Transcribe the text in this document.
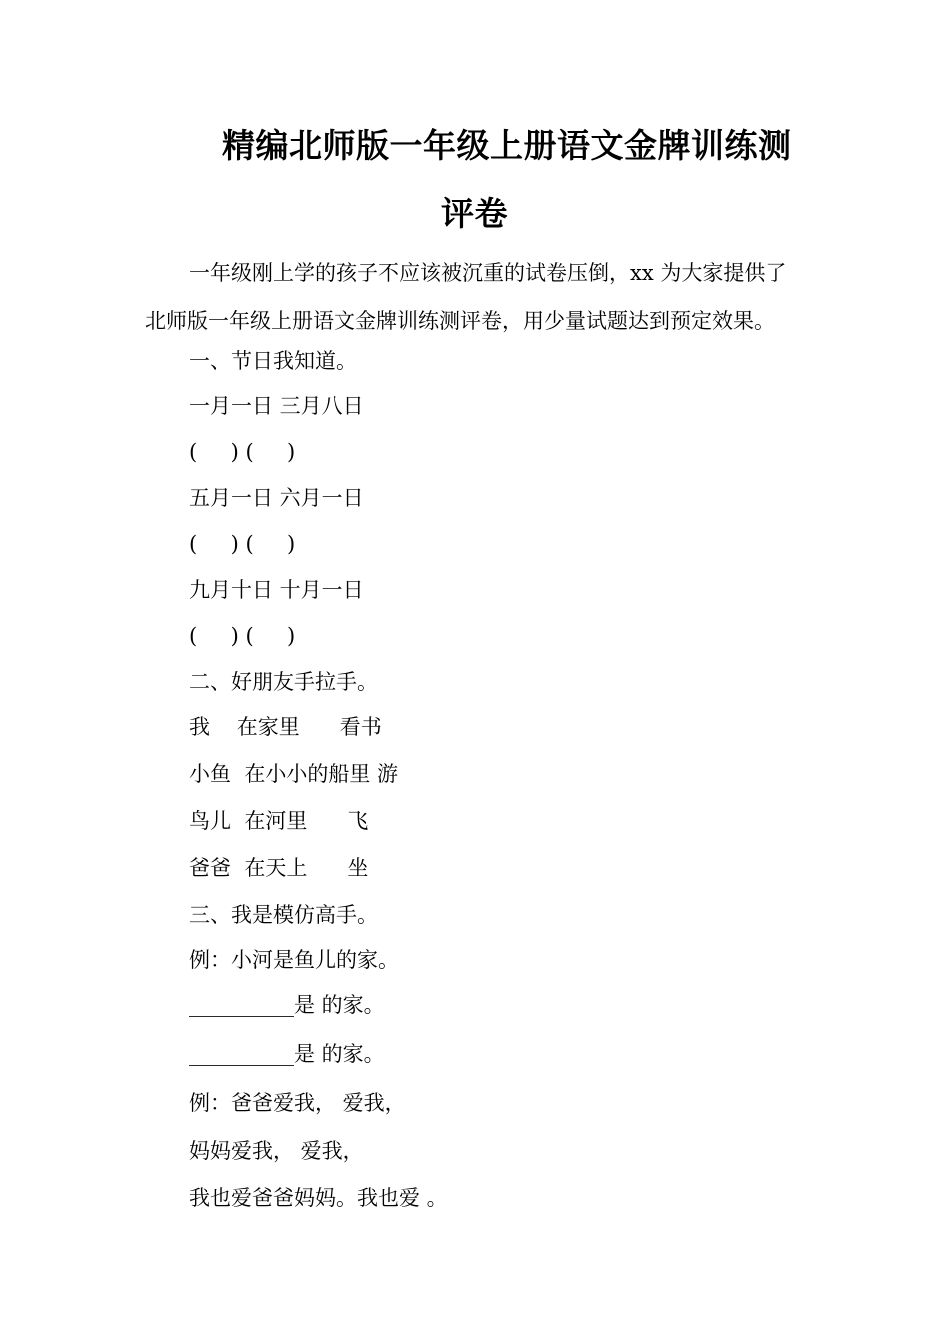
精编北师版一年级上册语文金牌训练测
评卷
一年级刚上学的孩子不应该被沉重的试卷压倒，xx 为大家提供了
北师版一年级上册语文金牌训练测评卷，用少量试题达到预定效果。
一、节日我知道。
一月一日 三月八日
(     ) (     )
五月一日 六月一日
(     ) (     )
九月十日 十月一日
(     ) (     )
二、好朋友手拉手。
我    在家里      看书
小鱼  在小小的船里 游
鸟儿  在河里      飞
爸爸  在天上      坐
三、我是模仿高手。
例：小河是鱼儿的家。
__________是 的家。
__________是 的家。
例：爸爸爱我， 爱我，
妈妈爱我， 爱我，
我也爱爸爸妈妈。我也爱 。
